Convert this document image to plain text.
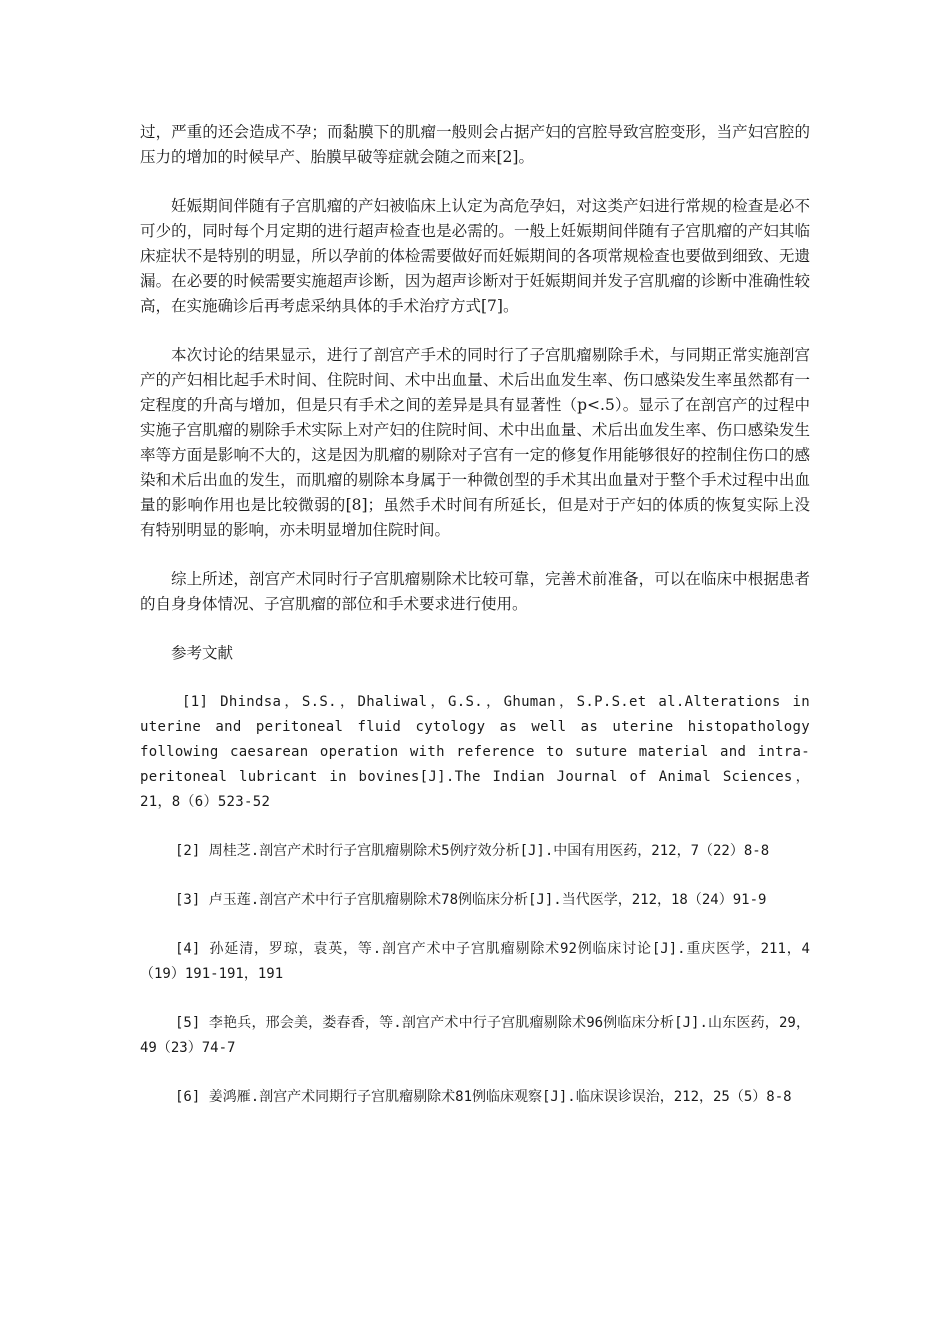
过，严重的还会造成不孕；而黏膜下的肌瘤一般则会占据产妇的宫腔导致宫腔变形，当产妇宫腔的压力的增加的时候早产、胎膜早破等症就会随之而来[2]。

妊娠期间伴随有子宫肌瘤的产妇被临床上认定为高危孕妇，对这类产妇进行常规的检查是必不可少的，同时每个月定期的进行超声检查也是必需的。一般上妊娠期间伴随有子宫肌瘤的产妇其临床症状不是特别的明显，所以孕前的体检需要做好而妊娠期间的各项常规检查也要做到细致、无遗漏。在必要的时候需要实施超声诊断，因为超声诊断对于妊娠期间并发子宫肌瘤的诊断中准确性较高，在实施确诊后再考虑采纳具体的手术治疗方式[7]。

本次讨论的结果显示，进行了剖宫产手术的同时行了子宫肌瘤剔除手术，与同期正常实施剖宫产的产妇相比起手术时间、住院时间、术中出血量、术后出血发生率、伤口感染发生率虽然都有一定程度的升高与增加，但是只有手术之间的差异是具有显著性（p<.5）。显示了在剖宫产的过程中实施子宫肌瘤的剔除手术实际上对产妇的住院时间、术中出血量、术后出血发生率、伤口感染发生率等方面是影响不大的，这是因为肌瘤的剔除对子宫有一定的修复作用能够很好的控制住伤口的感染和术后出血的发生，而肌瘤的剔除本身属于一种微创型的手术其出血量对于整个手术过程中出血量的影响作用也是比较微弱的[8]；虽然手术时间有所延长，但是对于产妇的体质的恢复实际上没有特别明显的影响，亦未明显增加住院时间。

综上所述，剖宫产术同时行子宫肌瘤剔除术比较可靠，完善术前准备，可以在临床中根据患者的自身身体情况、子宫肌瘤的部位和手术要求进行使用。

参考文献

[1] Dhindsa，S.S.，Dhaliwal，G.S.，Ghuman，S.P.S.et al.Alterations in uterine and peritoneal fluid cytology as well as uterine histopathology following caesarean operation with reference to suture material and intra-peritoneal lubricant in bovines[J].The Indian Journal of Animal Sciences，21，8（6）523-52

[2] 周桂芝.剖宫产术时行子宫肌瘤剔除术5例疗效分析[J].中国有用医药，212，7（22）8-8

[3] 卢玉莲.剖宫产术中行子宫肌瘤剔除术78例临床分析[J].当代医学，212，18（24）91-9

[4] 孙延清，罗琼，袁英，等.剖宫产术中子宫肌瘤剔除术92例临床讨论[J].重庆医学，211，4（19）191-191，191

[5] 李艳兵，邢会美，娄春香，等.剖宫产术中行子宫肌瘤剔除术96例临床分析[J].山东医药，29，49（23）74-7

[6] 姜鸿雁.剖宫产术同期行子宫肌瘤剔除术81例临床观察[J].临床误诊误治，212，25（5）8-8
